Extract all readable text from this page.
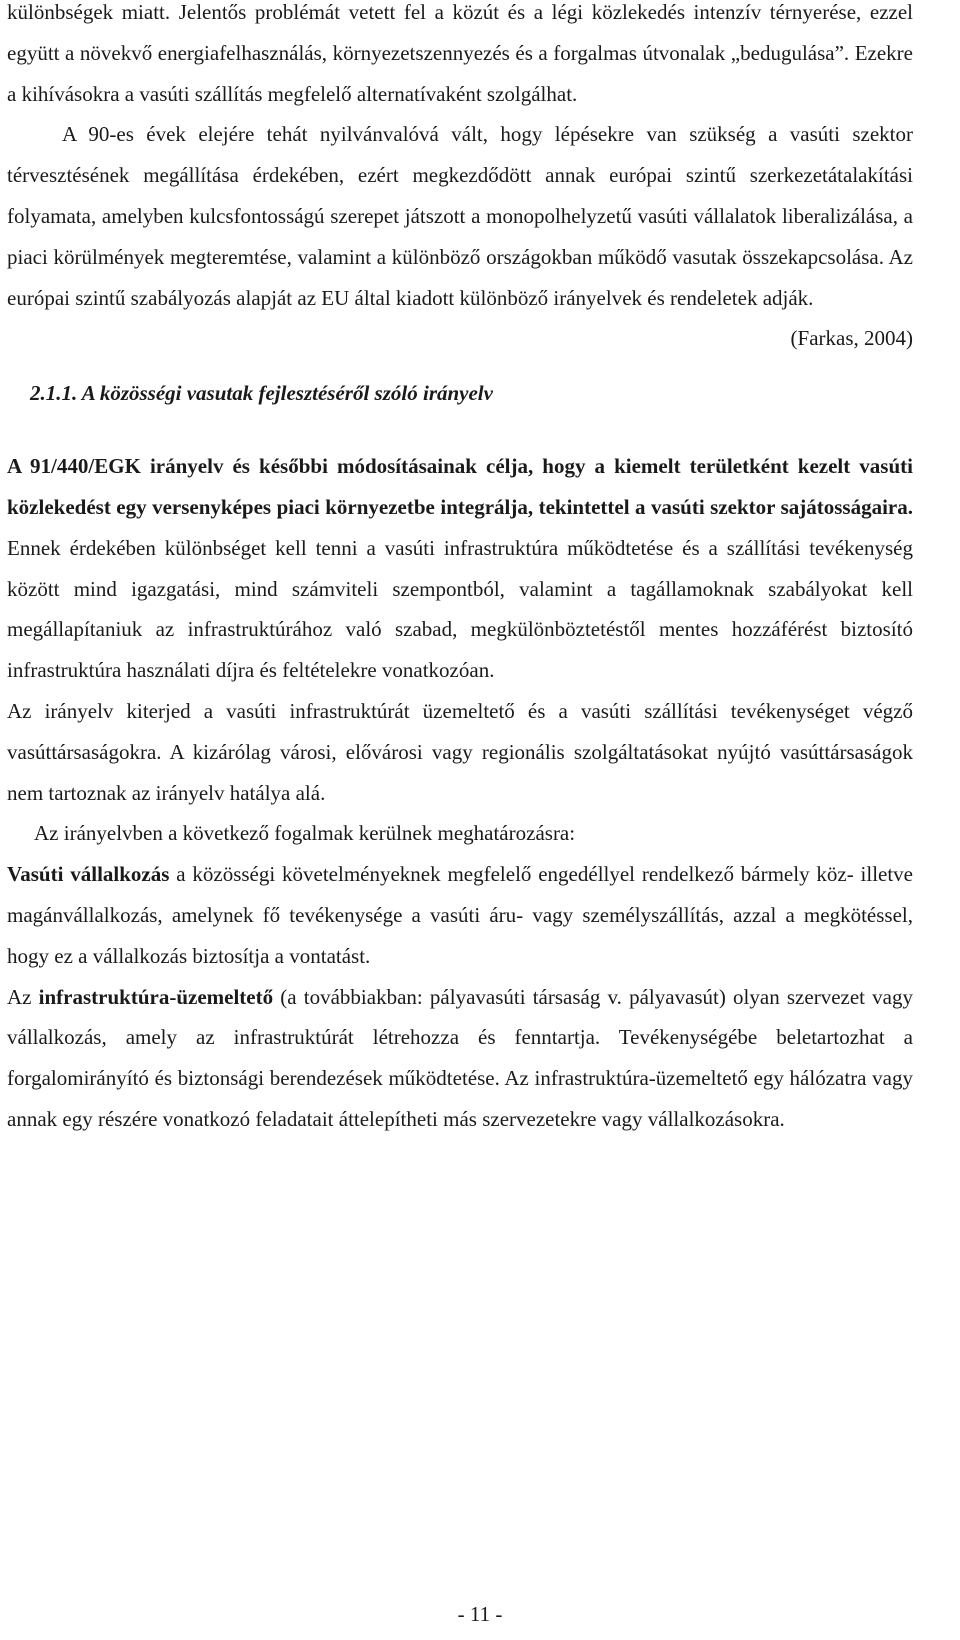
különbségek miatt. Jelentős problémát vetett fel a közút és a légi közlekedés intenzív térnyerése, ezzel együtt a növekvő energiafelhasználás, környezetszennyezés és a forgalmas útvonalak „bedugulása”. Ezekre a kihívásokra a vasúti szállítás megfelelő alternatívaként szolgálhat.

A 90-es évek elejére tehát nyilvánvalóvá vált, hogy lépésekre van szükség a vasúti szektor térvesztésének megállítása érdekében, ezért megkezdődött annak európai szintű szerkezetátalakítási folyamata, amelyben kulcsfontosságú szerepet játszott a monopolhelyzetű vasúti vállalatok liberalizálása, a piaci körülmények megteremtése, valamint a különböző országokban működő vasutak összekapcsolása. Az európai szintű szabályozás alapját az EU által kiadott különböző irányelvek és rendeletek adják.

(Farkas, 2004)

2.1.1. A közösségi vasutak fejlesztéséről szóló irányelv

A 91/440/EGK irányelv és későbbi módosításainak célja, hogy a kiemelt területként kezelt vasúti közlekedést egy versenyképes piaci környezetbe integrálja, tekintettel a vasúti szektor sajátosságaira. Ennek érdekében különbséget kell tenni a vasúti infrastruktúra működtetése és a szállítási tevékenység között mind igazgatási, mind számviteli szempontból, valamint a tagállamoknak szabályokat kell megállapítaniuk az infrastruktúrához való szabad, megkülönböztetéstől mentes hozzáférést biztosító infrastruktúra használati díjra és feltételekre vonatkozóan.

Az irányelv kiterjed a vasúti infrastruktúrát üzemeltető és a vasúti szállítási tevékenységet végző vasúttársaságokra. A kizárólag városi, elővárosi vagy regionális szolgáltatásokat nyújtó vasúttársaságok nem tartoznak az irányelv hatálya alá.

Az irányelvben a következő fogalmak kerülnek meghatározásra:

Vasúti vállalkozás a közösségi követelményeknek megfelelő engedéllyel rendelkező bármely köz- illetve magánvállalkozás, amelynek fő tevékenysége a vasúti áru- vagy személyszállítás, azzal a megkötéssel, hogy ez a vállalkozás biztosítja a vontatást.

Az infrastruktúra-üzemeltető (a továbbiakban: pályavasúti társaság v. pályavasút) olyan szervezet vagy vállalkozás, amely az infrastruktúrát létrehozza és fenntartja. Tevékenységébe beletartozhat a forgalomirányító és biztonsági berendezések működtetése. Az infrastruktúra-üzemeltető egy hálózatra vagy annak egy részére vonatkozó feladatait áttelepítheti más szervezetekre vagy vállalkozásokra.

- 11 -
